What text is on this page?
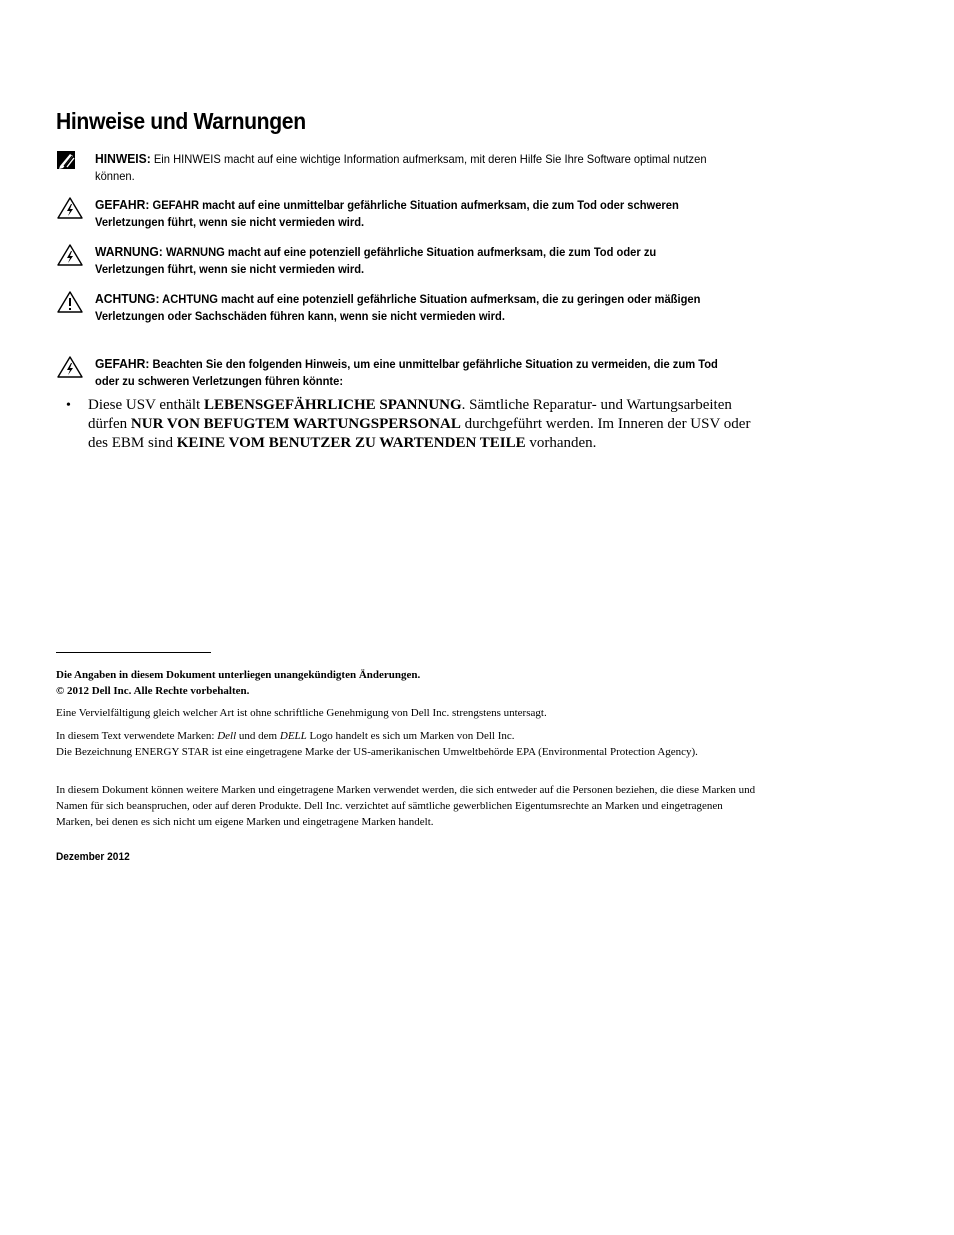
Hinweise und Warnungen
HINWEIS: Ein HINWEIS macht auf eine wichtige Information aufmerksam, mit deren Hilfe Sie Ihre Software optimal nutzen können.
GEFAHR: GEFAHR macht auf eine unmittelbar gefährliche Situation aufmerksam, die zum Tod oder schweren Verletzungen führt, wenn sie nicht vermieden wird.
WARNUNG: WARNUNG macht auf eine potenziell gefährliche Situation aufmerksam, die zum Tod oder zu Verletzungen führt, wenn sie nicht vermieden wird.
ACHTUNG: ACHTUNG macht auf eine potenziell gefährliche Situation aufmerksam, die zu geringen oder mäßigen Verletzungen oder Sachschäden führen kann, wenn sie nicht vermieden wird.
GEFAHR: Beachten Sie den folgenden Hinweis, um eine unmittelbar gefährliche Situation zu vermeiden, die zum Tod oder zu schweren Verletzungen führen könnte:
• Diese USV enthält LEBENSGEFÄHRLICHE SPANNUNG. Sämtliche Reparatur- und Wartungsarbeiten dürfen NUR VON BEFUGTEM WARTUNGSPERSONAL durchgeführt werden. Im Inneren der USV oder des EBM sind KEINE VOM BENUTZER ZU WARTENDEN TEILE vorhanden.
Die Angaben in diesem Dokument unterliegen unangekündigten Änderungen.
© 2012 Dell Inc. Alle Rechte vorbehalten.
Eine Vervielfältigung gleich welcher Art ist ohne schriftliche Genehmigung von Dell Inc. strengstens untersagt.
In diesem Text verwendete Marken: Dell und dem DELL Logo handelt es sich um Marken von Dell Inc.
Die Bezeichnung ENERGY STAR ist eine eingetragene Marke der US-amerikanischen Umweltbehörde EPA (Environmental Protection Agency).
In diesem Dokument können weitere Marken und eingetragene Marken verwendet werden, die sich entweder auf die Personen beziehen, die diese Marken und Namen für sich beanspruchen, oder auf deren Produkte. Dell Inc. verzichtet auf sämtliche gewerblichen Eigentumsrechte an Marken und eingetragenen Marken, bei denen es sich nicht um eigene Marken und eingetragene Marken handelt.
Dezember 2012
